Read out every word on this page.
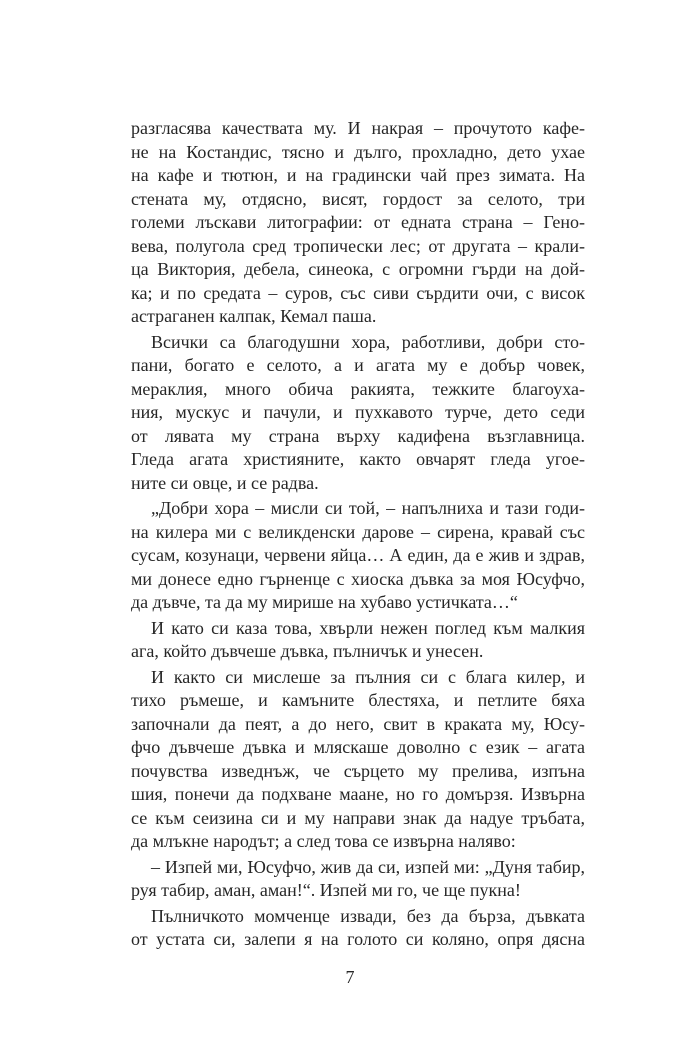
разгласява качествата му. И накрая – прочутото кафе-
не на Костандис, тясно и дълго, прохладно, дето ухае
на кафе и тютюн, и на градински чай през зимата. На
стената му, отдясно, висят, гордост за селото, три
големи лъскави литографии: от едната страна – Гено-
вева, полугола сред тропически лес; от другата – крали-
ца Виктория, дебела, синеока, с огромни гърди на дой-
ка; и по средата – суров, със сиви сърдити очи, с висок
астраганен калпак, Кемал паша.
Всички са благодушни хора, работливи, добри сто-
пани, богато е селото, а и агата му е добър човек,
мераклия, много обича ракията, тежките благоуха-
ния, мускус и пачули, и пухкавото турче, дето седи
от лявата му страна върху кадифена възглавница.
Гледа агата християните, както овчарят гледа угое-
ните си овце, и се радва.
„Добри хора – мисли си той, – напълниха и тази годи-
на килера ми с великденски дарове – сирена, кравай със
сусам, козунаци, червени яйца… А един, да е жив и здрав,
ми донесе едно гърненце с хиоска дъвка за моя Юсуфчо,
да дъвче, та да му мирише на хубаво устичката…“
И като си каза това, хвърли нежен поглед към малкия
ага, който дъвчеше дъвка, пълничък и унесен.
И както си мислеше за пълния си с блага килер, и
тихо ръмеше, и камъните блестяха, и петлите бяха
започнали да пеят, а до него, свит в краката му, Юсу-
фчо дъвчеше дъвка и мляскаше доволно с език – агата
почувства изведнъж, че сърцето му прелива, изпъна
шия, понечи да подхване маане, но го домързя. Извърна
се към сеизина си и му направи знак да надуе тръбата,
да млъкне народът; а след това се извърна наляво:
– Изпей ми, Юсуфчо, жив да си, изпей ми: „Дуня табир,
руя табир, аман, аман!“. Изпей ми го, че ще пукна!
Пълничкото момченце извади, без да бърза, дъвката
от устата си, залепи я на голото си коляно, опря дясна
7
